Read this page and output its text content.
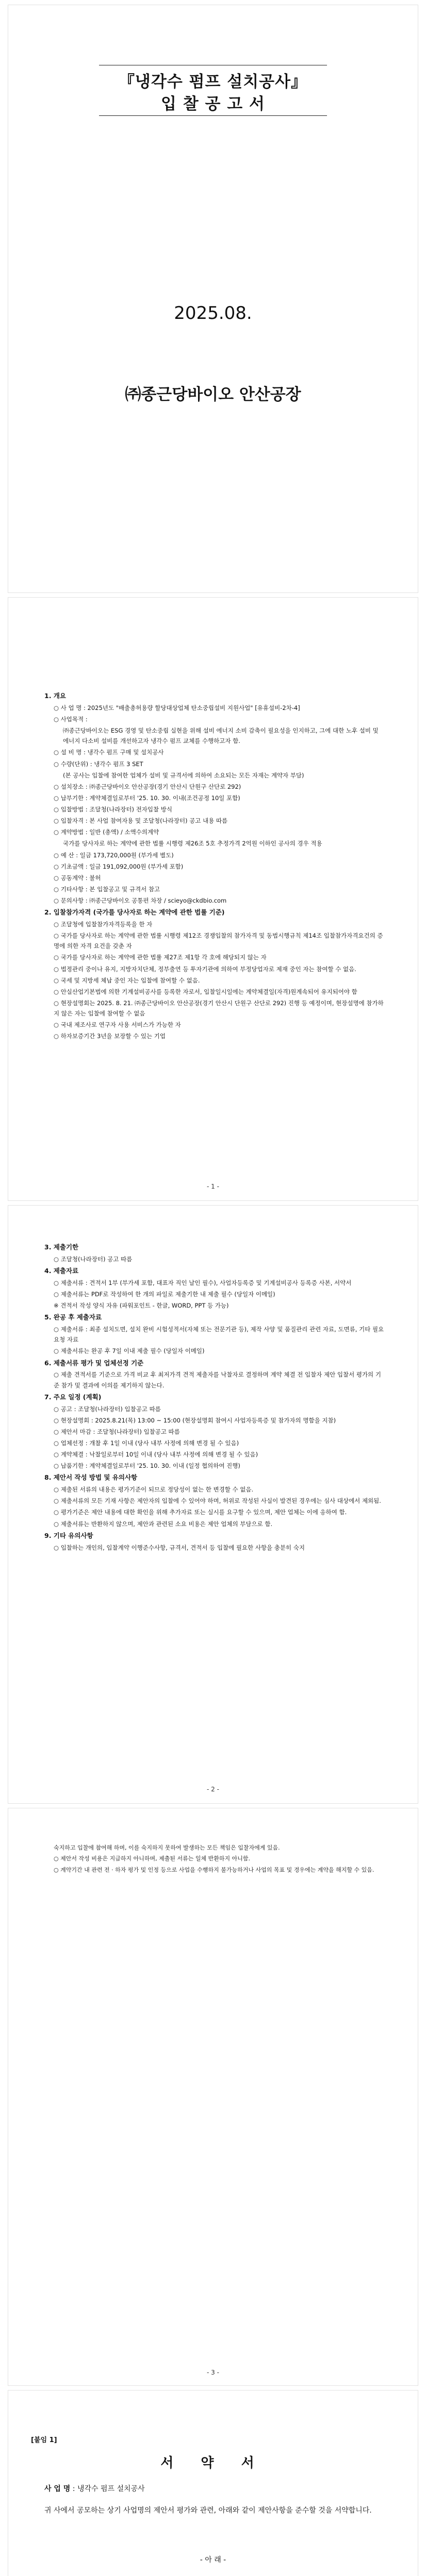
『냉각수 펌프 설치공사』
입 찰 공 고 서
2025.08.
㈜종근당바이오 안산공장
1. 개요

○ 사 업 명 : 2025년도 "배출총허용량 할당대상업체 탄소중립설비 지원사업" [유휴설비-2차-4]

○ 사업목적 :

㈜종근당바이오는 ESG 경영 및 탄소중립 실현을 위해 설비 에너지 소비 감축이 필요성을 인지하고, 그에 대한 노후 설비 및 에너지 다소비 설비를 개선하고자 냉각수 펌프 교체를 수행하고자 함.

○ 설 비 명 : 냉각수 펌프 구매 및 설치공사

○ 수량(단위) : 냉각수 펌프 3 SET

(본 공사는 입찰에 참여한 업체가 설비 및 규격서에 의하여 소요되는 모든 자재는 계약자 부담)

○ 설치장소 : ㈜종근당바이오 안산공장(경기 안산시 단원구 산단로 292)

○ 납부기한 : 계약체결일로부터 '25. 10. 30. 이내(조건공정 10일 포함)

○ 입찰방법 : 조달청(나라장터) 전자입찰 방식

○ 입찰자격 : 본 사업 참여자용 및 조달청(나라장터) 공고 내용 따름

○ 계약방법 : 일반 (총액) / 소액수의계약

국가를 당사자로 하는 계약에 관한 법률 시행령 제26조 5호 추정가격 2억원 이하인 공사의 경우 적용

○ 예 산 : 일금 173,720,000원 (부가세 별도)

○ 기초금액 : 일금 191,092,000원 (부가세 포함)

○ 공동계약 : 불허

○ 기타사항 : 본 입찰공고 및 규격서 참고

○ 문의사항 : ㈜종근당바이오 공통편 차장 / scieyo@ckdbio.com

2. 입찰참가자격 (국가를 당사자로 하는 계약에 관한 법률 기준)

○ 조달청에 입찰참가자격등록을 한 자

○ 국가를 당사자로 하는 계약에 관한 법률 시행령 제12조 경쟁입찰의 참가자격 및 동법시행규칙 제14조 입찰참가자격요건의 증명에 의한 자격 요건을 갖춘 자

○ 국가를 당사자로 하는 계약에 관한 법률 제27조 제1항 각 호에 해당되지 않는 자

○ 법정관리 중이나 유지, 지방자치단체, 정부출연 등 투자기관에 의하여 부정당업자로 제재 중인 자는 참여할 수 없음.

○ 국세 및 지방세 체납 중인 자는 입찰에 참여할 수 없음.

○ 안실산업기본법에 의한 기계설비공사를 등록한 자로서, 입찰일시일에는 계약체결일(자격)원계속되어 유지되어야 함

○ 현장설명회는 2025. 8. 21. ㈜종근당바이오 안산공장(경기 안산시 단원구 산단로 292) 진행 등 예정이며, 현장설명에 참가하지 않은 자는 입찰에 참여할 수 없음

○ 국내 제조사로 연구자 사용 서비스가 가능한 자

○ 하자보증기간 3년을 보장할 수 있는 기업

- 1 -
3. 제출기한

○ 조달청(나라장터) 공고 따름

4. 제출자료

○ 제출서류 : 견적서 1부 (부가세 포함, 대표자 직인 날인 필수), 사업자등록증 및 기계설비공사 등록증 사본, 서약서

○ 제출서류는 PDF로 작성하여 한 개의 파일로 제출기한 내 제출 필수 (당일자 이메일)

※ 견적서 작성 양식 자유 (파워포인트 - 한글, WORD, PPT 등 가능)

5. 완공 후 제출자료

○ 제출서류 : 최종 설치도면, 설치 완비 시험성적서(자체 또는 전문기관 등), 제작 사양 및 품질관리 관련 자료, 도면류, 기타 필요 요청 자료

○ 제출서류는 완공 후 7일 이내 제출 필수 (당일자 이메일)

6. 제출서류 평가 및 업체선정 기준

○ 제출 견적서를 기준으로 가격 비교 후 최저가격 견적 제출자를 낙찰자로 결정하며 계약 체결 전 입찰자 제안 입찰서 평가의 기준 참가 및 결과에 이의를 제기하지 않는다.

7. 주요 일정 (계획)

○ 공고 : 조달청(나라장터) 입찰공고 따름

○ 현장설명회 : 2025.8.21(목) 13:00 ~ 15:00 (현장설명회 참여시 사업자등록증 및 참가자의 명함을 지참)

○ 제안서 마감 : 조달청(나라장터) 입찰공고 따름

○ 업체선정 : 개찰 후 1일 이내 (당사 내부 사정에 의해 변경 될 수 있음)

○ 계약체결 : 낙찰일로부터 10일 이내 (당사 내부 사정에 의해 변경 될 수 있음)

○ 납품기한 : 계약체결일로부터 '25. 10. 30. 이내 (일정 협의하여 진행)

8. 제안서 작성 방법 및 유의사항

○ 제출된 서류의 내용은 평가기준이 되므로 정당성이 없는 한 변경할 수 없음.

○ 제출서류의 모든 기재 사항은 제안자의 입찰에 수 있어야 하며, 허위로 작성된 사실이 발견된 경우에는 심사 대상에서 제외됨.

○ 평가기준은 제안 내용에 대한 확인을 위해 추가자료 또는 실시를 요구할 수 있으며, 제안 업체는 이에 응하여 함.

○ 제출서류는 반환하지 않으며, 제안과 관련된 소요 비용은 제안 업체의 부담으로 함.

9. 기타 유의사항

○ 입찰하는 개인의, 입찰계약 이행준수사항, 규격서, 견적서 등 입찰에 필요한 사항을 충분히 숙지

- 2 -

숙지하고 입찰에 참여해 하며, 이를 숙지하지 못하여 발생하는 모든 책임은 입찰자에게 있음.

○ 제안서 작성 비용은 지급하지 아니하며, 제출된 서류는 일체 반환하지 아니함.

○ 계약기간 내 관련 전 · 하자 평가 및 인정 등으로 사업을 수행하지 불가능하거나 사업의 목표 및 경우에는 계약을 해지할 수 있음.

- 3 -
[붙임 1]
서 약 서
사 업 명 : 냉각수 펌프 설치공사
귀 사에서 공모하는 상기 사업명의 제안서 평가와 관련, 아래와 같이 제안사항을 준수할 것을 서약합니다.
- 아 래 -
